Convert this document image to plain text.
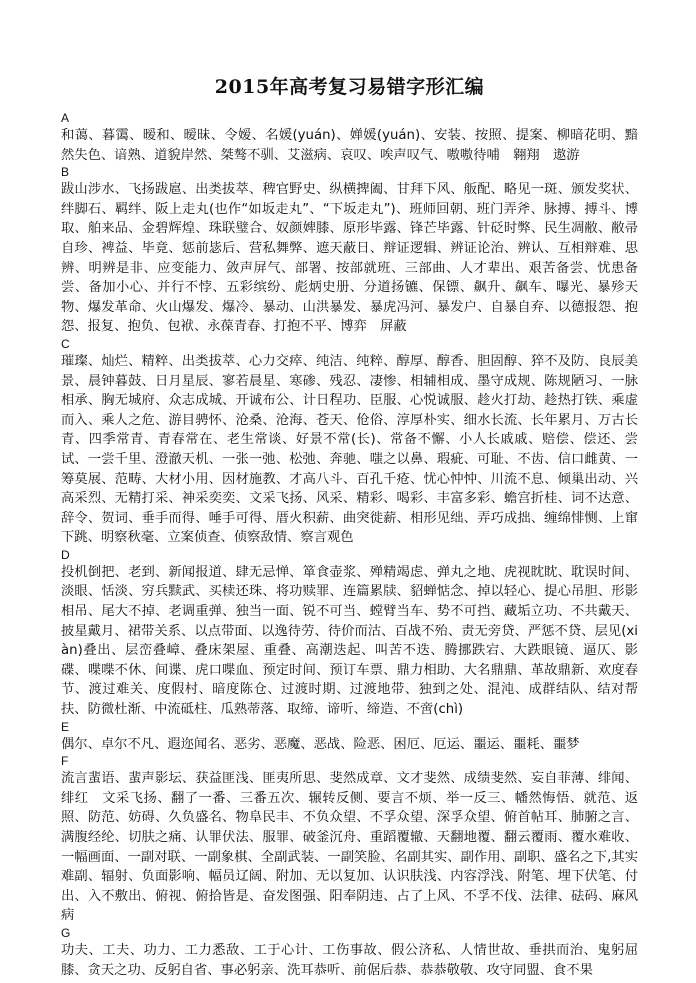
2015年高考复习易错字形汇编

A

和蔼、暮霭、暧和、暧昧、令嫒、名媛(yuán)、婵媛(yuán)、安装、按照、提案、柳暗花明、黯然失色、谙熟、道貌岸然、桀骜不驯、艾滋病、哀叹、唉声叹气、嗷嗷待哺　翱翔　遨游

B

跋山涉水、飞扬跋扈、出类拔萃、稗官野史、纵横捭阖、甘拜下风、舨配、略见一斑、颁发奖状、绊脚石、羁绊、阪上走丸(也作“如坂走丸”、“下坂走丸”)、班师回朝、班门弄斧、脉搏、搏斗、博取、舶来品、金碧辉煌、珠联璧合、奴颜婢膝、原形毕露、锋芒毕露、针砭时弊、民生凋敝、敝帚自珍、裨益、毕竟、惩前毖后、营私舞弊、遮天蔽日、辩证逻辑、辨证论治、辨认、互相辩难、思辨、明辨是非、应变能力、敛声屏气、部署、按部就班、三部曲、人才辈出、艰苦备尝、忧患备尝、备加小心、并行不悖、五彩缤纷、彪炳史册、分道扬镳、保镖、飙升、飙车、曝光、暴殄天物、爆发革命、火山爆发、爆冷、暴动、山洪暴发、暴虎冯河、暴发户、自暴自弃、以德报怨、抱怨、报复、抱负、包袱、永葆青春、打抱不平、博弈　屏蔽

C

璀璨、灿烂、精粹、出类拔萃、心力交瘁、纯洁、纯粹、醇厚、醇香、胆固醇、猝不及防、良辰美景、晨钟暮鼓、日月星辰、寥若晨星、寒碜、残忍、凄惨、相辅相成、墨守成规、陈规陋习、一脉相承、胸无城府、众志成城、开诚布公、计日程功、臣服、心悦诚服、趁火打劫、趁热打铁、乘虚而入、乘人之危、游目骋怀、沧桑、沧海、苍天、伧俗、淳厚朴实、细水长流、长年累月、万古长青、四季常青、青春常在、老生常谈、好景不常(长)、常备不懈、小人长戚戚、赔偿、偿还、尝试、一尝千里、澄澈天机、一张一弛、松弛、奔驰、嗤之以鼻、瑕疵、可耻、不齿、信口雌黄、一筹莫展、范畴、大材小用、因材施教、才高八斗、百孔千疮、忧心忡忡、川流不息、倾巢出动、兴高采烈、无精打采、神采奕奕、文采飞扬、风采、精彩、喝彩、丰富多彩、蟾宫折桂、词不达意、辞令、贺词、垂手而得、唾手可得、厝火积薪、曲突徙薪、相形见绌、弄巧成拙、缠绵悱恻、上窜下跳、明察秋毫、立案侦查、侦察敌情、察言观色

D

投机倒把、老到、新闻报道、肆无忌惮、箪食壶浆、殚精竭虑、弹丸之地、虎视眈眈、耽误时间、淡眼、恬淡、穷兵黩武、买椟还珠、将功赎罪、连篇累牍、貂蝉惦念、掉以轻心、提心吊胆、形影相吊、尾大不掉、老调重弹、独当一面、锐不可当、螳臂当车、势不可挡、藏垢立功、不共戴天、披星戴月、裙带关系、以点带面、以逸待劳、待价而沽、百战不殆、责无旁贷、严惩不贷、层见(xiàn)叠出、层峦叠嶂、叠床架屋、重叠、高潮迭起、叫苦不迭、腾挪跌宕、大跌眼镜、逼仄、影碟、喋喋不休、间谍、虎口喋血、预定时间、预订车票、鼎力相助、大名鼎鼎、革故鼎新、欢度春节、渡过难关、度假村、暗度陈仓、过渡时期、过渡地带、独到之处、混沌、成群结队、结对帮扶、防微杜渐、中流砥柱、瓜熟蒂落、取缔、谛听、缔造、不啻(chì)

E

偶尔、卓尔不凡、遐迩闻名、恶劣、恶魔、恶战、险恶、困厄、厄运、噩运、噩耗、噩梦

F

流言蜚语、蜚声影坛、获益匪浅、匪夷所思、斐然成章、文才斐然、成绩斐然、妄自菲薄、绯闻、绯红　文采飞扬、翻了一番、三番五次、辗转反侧、要言不烦、举一反三、幡然悔悟、就范、返照、防范、妨碍、久负盛名、物阜民丰、不负众望、不孚众望、深孚众望、俯首帖耳、肺腑之言、满腹经纶、切肤之痛、认罪伏法、服罪、破釜沉舟、重蹈覆辙、天翻地覆、翻云覆雨、覆水难收、一幅画面、一副对联、一副象棋、全副武装、一副笑脸、名副其实、副作用、副职、盛名之下,其实难副、辐射、负面影响、幅员辽阔、附加、无以复加、认识肤浅、内容浮浅、附笔、埋下伏笔、付出、入不敷出、俯视、俯拾皆是、奋发图强、阳奉阴违、占了上风、不孚不伐、法律、砝码、麻风病

G

功夫、工夫、功力、工力悉敌、工于心计、工伤事故、假公济私、人情世故、垂拱而治、鬼躬屈膝、贪天之功、反躬自省、事必躬亲、洗耳恭听、前倨后恭、恭恭敬敬、攻守同盟、食不果
